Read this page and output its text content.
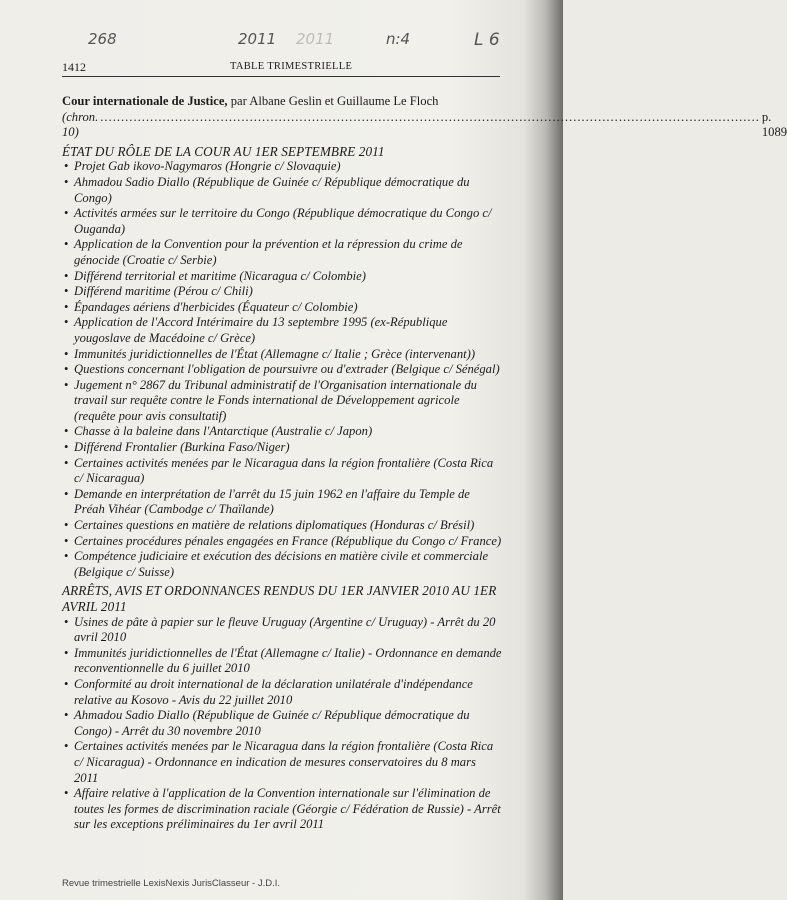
268	2011 2011	n:4	L 6
1412	TABLE TRIMESTRIELLE
Cour internationale de Justice, par Albane Geslin et Guillaume Le Floch
(chron. 10)
............................................................................................................................................................... p. 1089
ÉTAT DU RÔLE DE LA COUR AU 1ER SEPTEMBRE 2011
• Projet Gab ikovo-Nagymaros (Hongrie c/ Slovaquie)
• Ahmadou Sadio Diallo (République de Guinée c/ République démocratique du Congo)
• Activités armées sur le territoire du Congo (République démocratique du Congo c/ Ouganda)
• Application de la Convention pour la prévention et la répression du crime de génocide (Croatie c/ Serbie)
• Différend territorial et maritime (Nicaragua c/ Colombie)
• Différend maritime (Pérou c/ Chili)
• Épandages aériens d'herbicides (Équateur c/ Colombie)
• Application de l'Accord Intérimaire du 13 septembre 1995 (ex-République yougoslave de Macédoine c/ Grèce)
• Immunités juridictionnelles de l'État (Allemagne c/ Italie ; Grèce (intervenant))
• Questions concernant l'obligation de poursuivre ou d'extrader (Belgique c/ Sénégal)
• Jugement n° 2867 du Tribunal administratif de l'Organisation internationale du travail sur requête contre le Fonds international de Développement agricole (requête pour avis consultatif)
• Chasse à la baleine dans l'Antarctique (Australie c/ Japon)
• Différend Frontalier (Burkina Faso/Niger)
• Certaines activités menées par le Nicaragua dans la région frontalière (Costa Rica c/ Nicaragua)
• Demande en interprétation de l'arrêt du 15 juin 1962 en l'affaire du Temple de Préah Vihéar (Cambodge c/ Thaïlande)
• Certaines questions en matière de relations diplomatiques (Honduras c/ Brésil)
• Certaines procédures pénales engagées en France (République du Congo c/ France)
• Compétence judiciaire et exécution des décisions en matière civile et commerciale (Belgique c/ Suisse)
ARRÊTS, AVIS ET ORDONNANCES RENDUS DU 1ER JANVIER 2010 AU 1ER AVRIL 2011
• Usines de pâte à papier sur le fleuve Uruguay (Argentine c/ Uruguay) - Arrêt du 20 avril 2010
• Immunités juridictionnelles de l'État (Allemagne c/ Italie) - Ordonnance en demande reconventionnelle du 6 juillet 2010
• Conformité au droit international de la déclaration unilatérale d'indépendance relative au Kosovo - Avis du 22 juillet 2010
• Ahmadou Sadio Diallo (République de Guinée c/ République démocratique du Congo) - Arrêt du 30 novembre 2010
• Certaines activités menées par le Nicaragua dans la région frontalière (Costa Rica c/ Nicaragua) - Ordonnance en indication de mesures conservatoires du 8 mars 2011
• Affaire relative à l'application de la Convention internationale sur l'élimination de toutes les formes de discrimination raciale (Géorgie c/ Fédération de Russie) - Arrêt sur les exceptions préliminaires du 1er avril 2011
Revue trimestrielle LexisNexis JurisClasseur - J.D.I.
